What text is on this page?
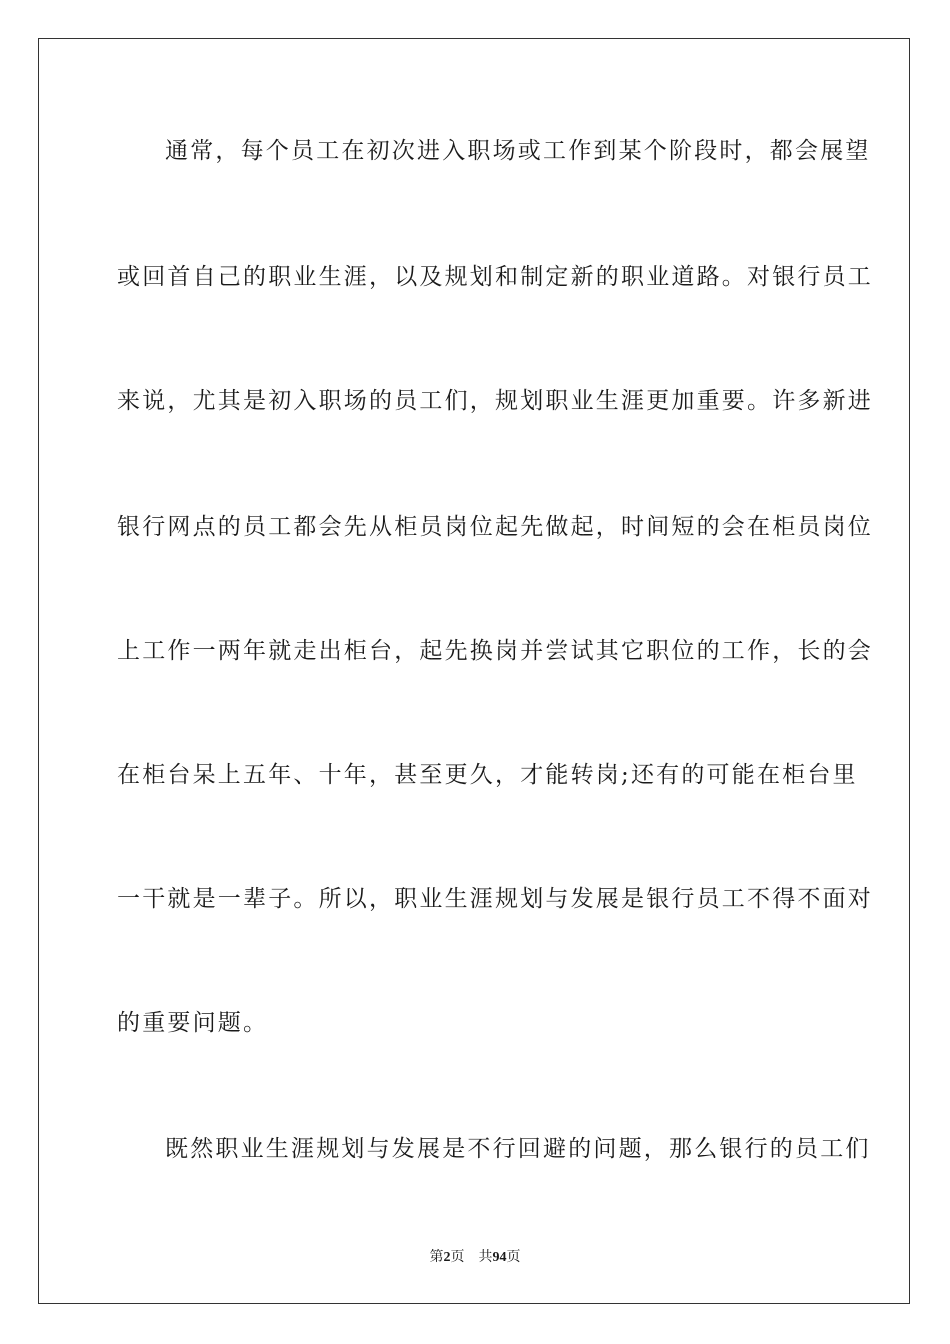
通常，每个员工在初次进入职场或工作到某个阶段时，都会展望
或回首自己的职业生涯，以及规划和制定新的职业道路。对银行员工
来说，尤其是初入职场的员工们，规划职业生涯更加重要。许多新进
银行网点的员工都会先从柜员岗位起先做起，时间短的会在柜员岗位
上工作一两年就走出柜台，起先换岗并尝试其它职位的工作，长的会
在柜台呆上五年、十年，甚至更久，才能转岗;还有的可能在柜台里
一干就是一辈子。所以，职业生涯规划与发展是银行员工不得不面对
的重要问题。
既然职业生涯规划与发展是不行回避的问题，那么银行的员工们
第2页 共94页
